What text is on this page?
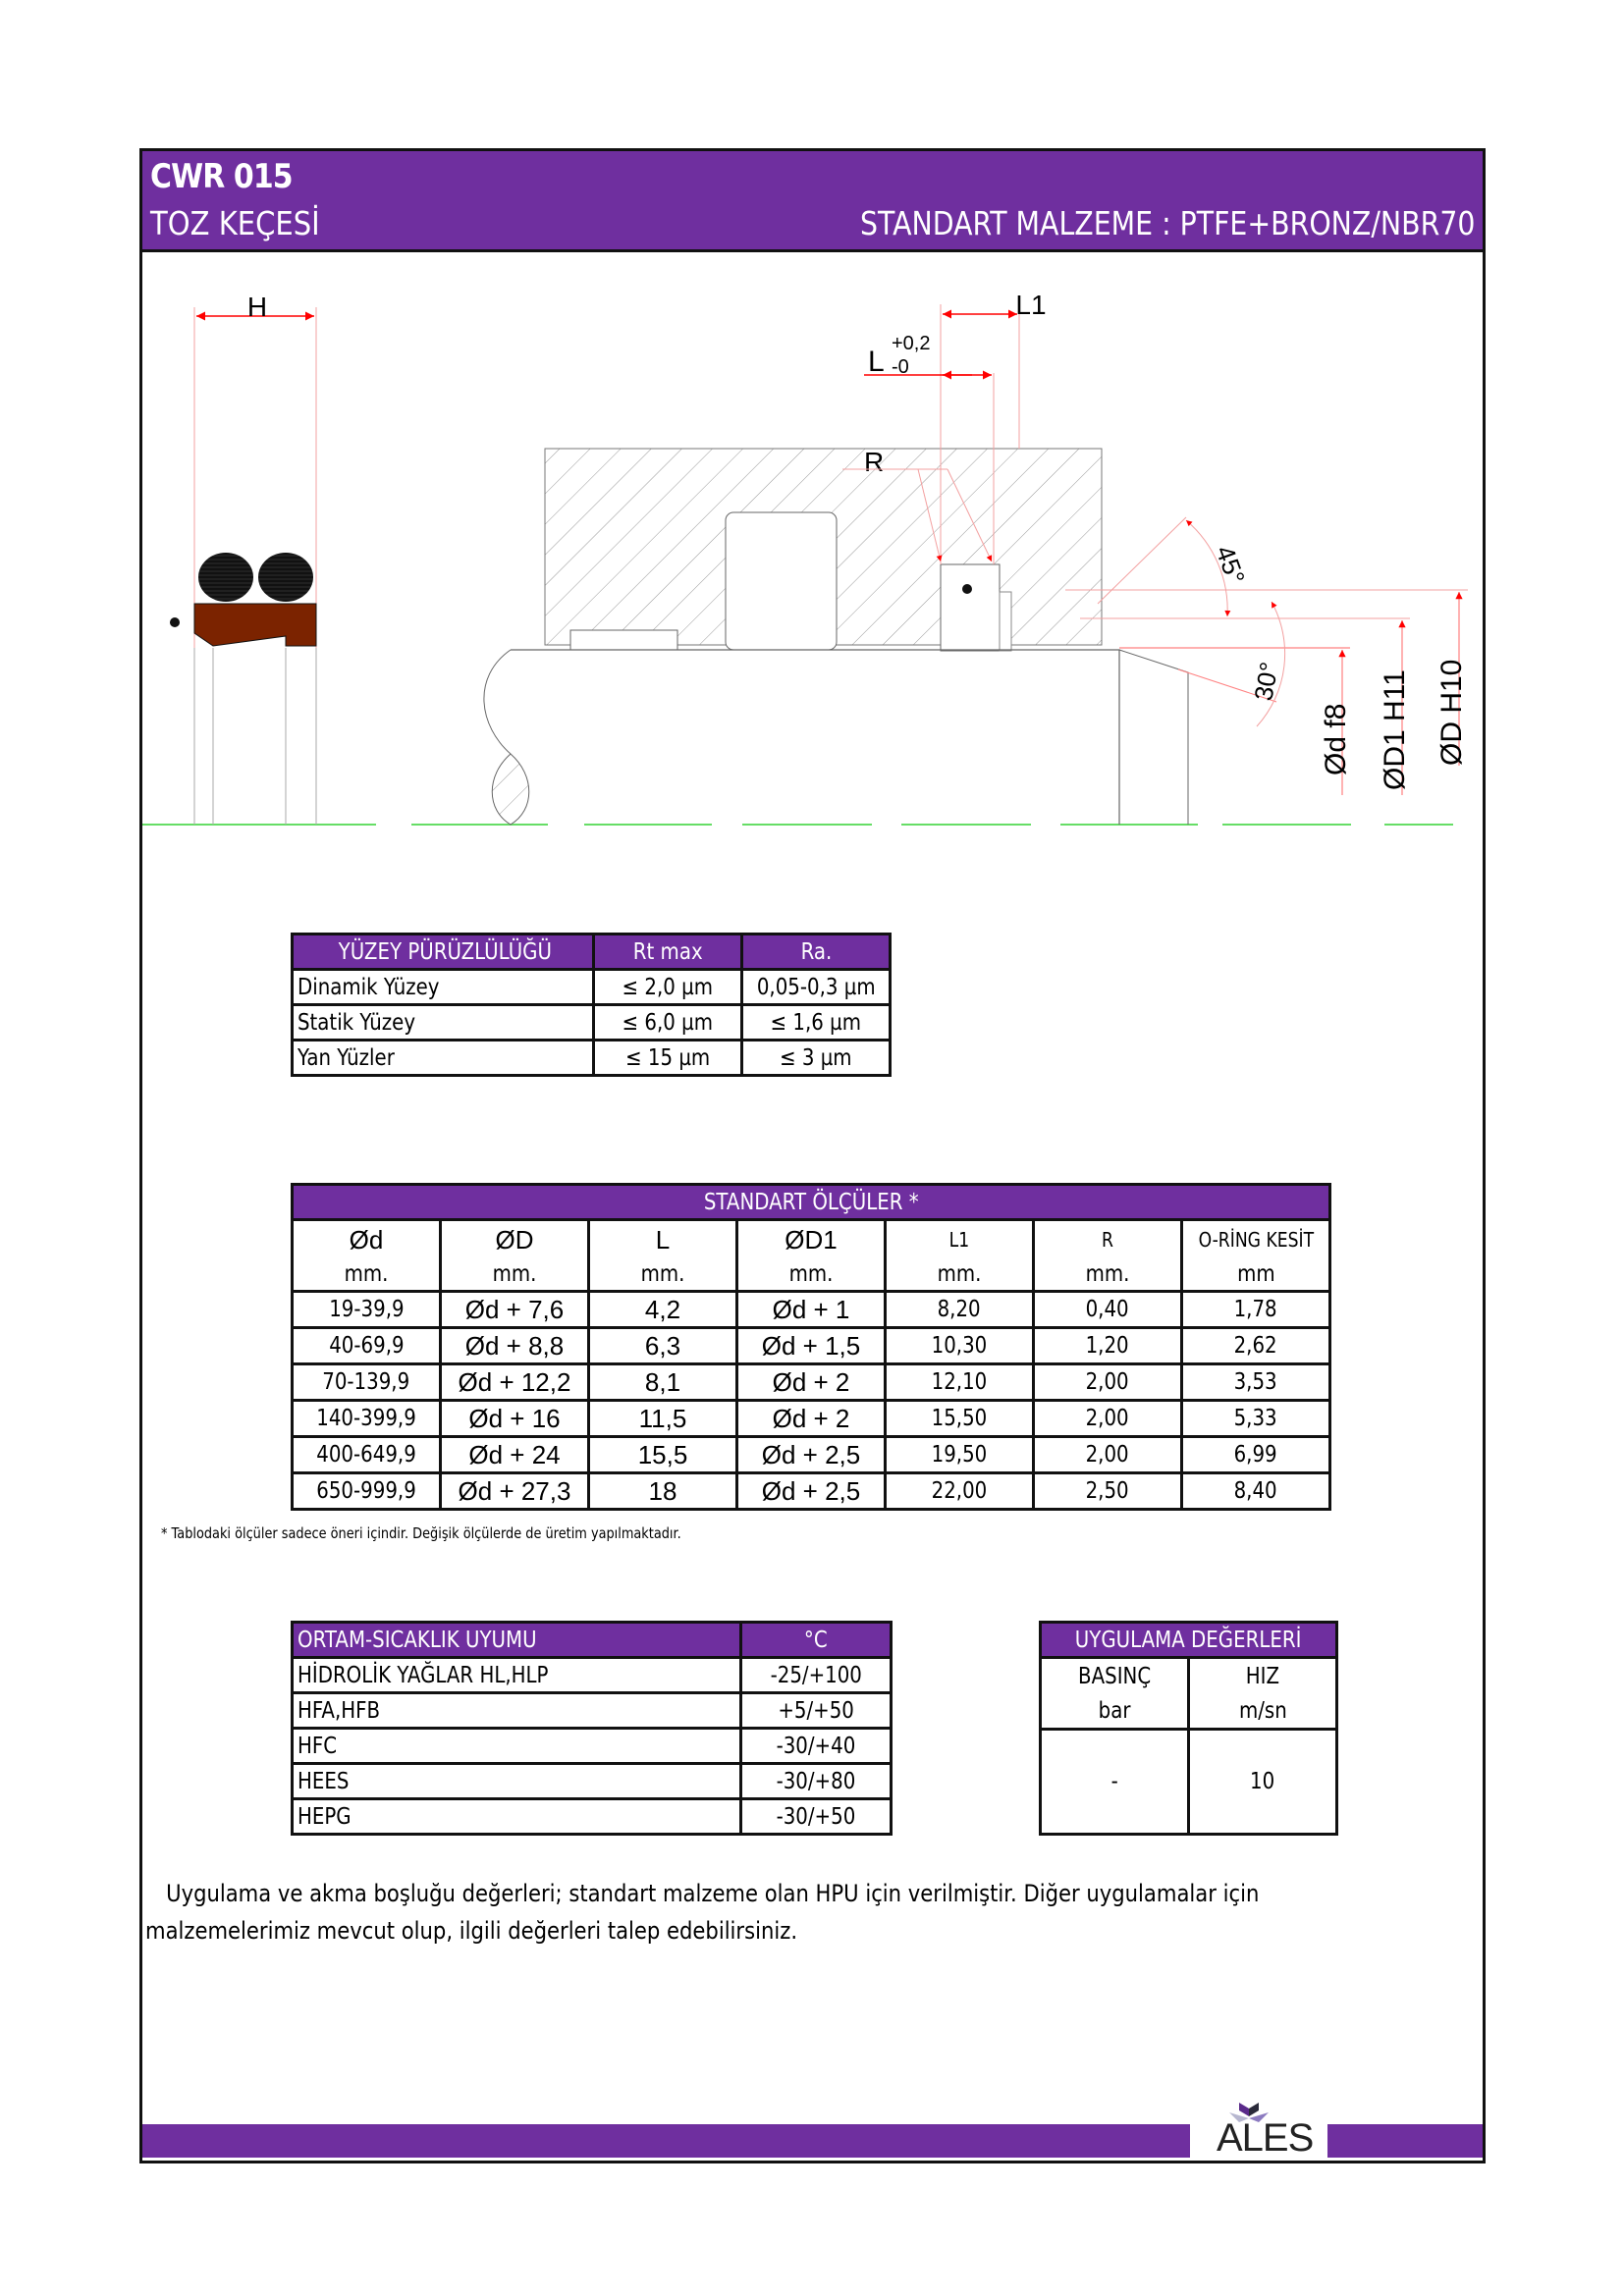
CWR 015
TOZ KEÇESİ	STANDART MALZEME : PTFE+BRONZ/NBR70
H	L1
L
+0,2
-0
R
45°
30°
Ød f8 ØD1 H11 ØD H10
YÜZEY PÜRÜZLÜLÜĞÜ	Rt max	Ra.
Dinamik Yüzey	≤ 2,0 µm	0,05-0,3 µm
Statik Yüzey	≤ 6,0 µm	≤ 1,6 µm
Yan Yüzler	≤ 15 µm	≤ 3 µm
STANDART ÖLÇÜLER *						
Ød	ØD	L	ØD1	L1	R	O-RİNG KESİT
mm.	mm.	mm.	mm.	mm.	mm.	mm
19-39,9	Ød + 7,6	4,2	Ød + 1	8,20	0,40	1,78
40-69,9	Ød + 8,8	6,3	Ød + 1,5	10,30	1,20	2,62
70-139,9	Ød + 12,2	8,1	Ød + 2	12,10	2,00	3,53
140-399,9	Ød + 16	11,5	Ød + 2	15,50	2,00	5,33
400-649,9	Ød + 24	15,5	Ød + 2,5	19,50	2,00	6,99
650-999,9	Ød + 27,3	18	Ød + 2,5	22,00	2,50	8,40
* Tablodaki ölçüler sadece öneri içindir. Değişik ölçülerde de üretim yapılmaktadır.
ORTAM-SICAKLIK UYUMU	°C
HİDROLİK YAĞLAR HL,HLP	-25/+100
HFA,HFB	+5/+50
HFC	-30/+40
HEES	-30/+80
HEPG	-30/+50
UYGULAMA DEĞERLERİ	
BASINÇ	HIZ
bar	m/sn
-	10
Uygulama ve akma boşluğu değerleri; standart malzeme olan HPU için verilmiştir. Diğer uygulamalar için
malzemelerimiz mevcut olup, ilgili değerleri talep edebilirsiniz.
ALES
